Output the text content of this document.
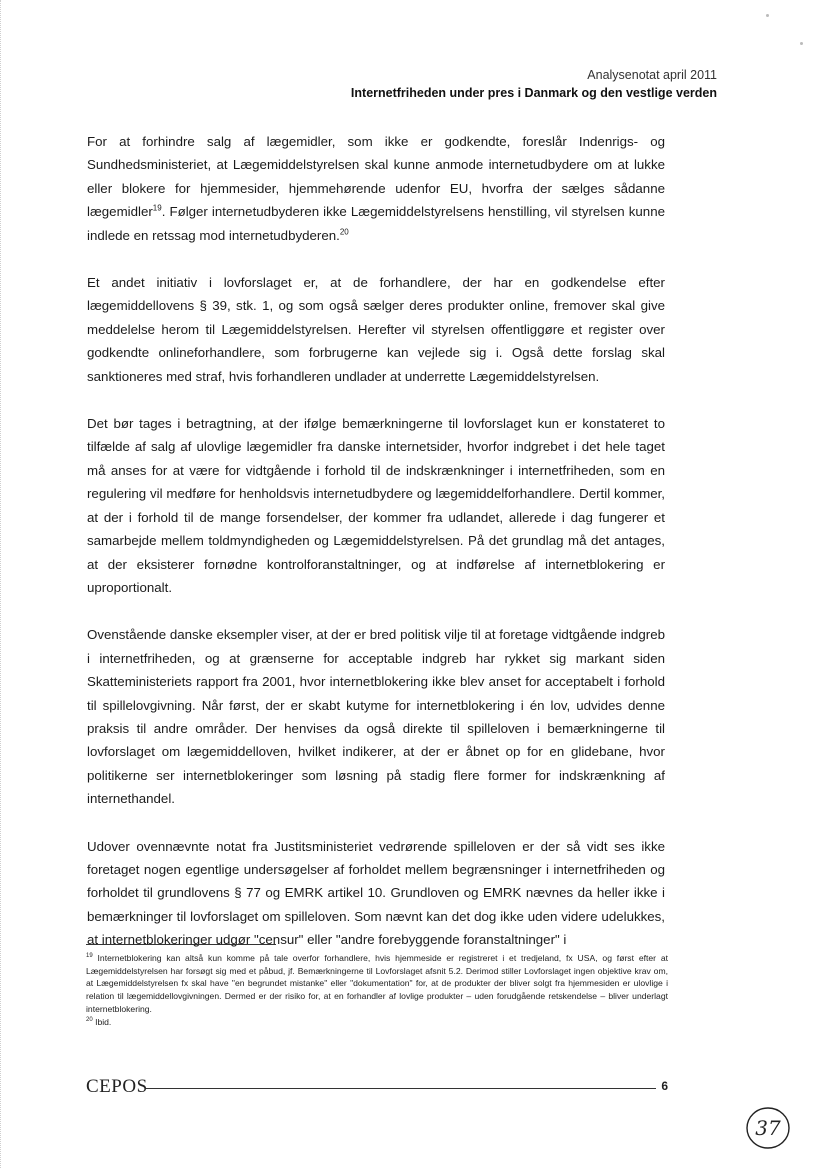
Analysenotat april 2011
Internetfriheden under pres i Danmark og den vestlige verden

For at forhindre salg af lægemidler, som ikke er godkendte, foreslår Indenrigs- og Sundhedsministeriet, at Lægemiddelstyrelsen skal kunne anmode internetudbydere om at lukke eller blokere for hjemmesider, hjemmehørende udenfor EU, hvorfra der sælges sådanne lægemidler$^{19}$. Følger internetudbyderen ikke Lægemiddelstyrelsens henstilling, vil styrelsen kunne indlede en retssag mod internetudbyderen.$^{20}$

Et andet initiativ i lovforslaget er, at de forhandlere, der har en godkendelse efter lægemiddellovens § 39, stk. 1, og som også sælger deres produkter online, fremover skal give meddelelse herom til Lægemiddelstyrelsen. Herefter vil styrelsen offentliggøre et register over godkendte onlineforhandlere, som forbrugerne kan vejlede sig i. Også dette forslag skal sanktioneres med straf, hvis forhandleren undlader at underrette Lægemiddelstyrelsen.

Det bør tages i betragtning, at der ifølge bemærkningerne til lovforslaget kun er konstateret to tilfælde af salg af ulovlige lægemidler fra danske internetsider, hvorfor indgrebet i det hele taget må anses for at være for vidtgående i forhold til de indskrænkninger i internetfriheden, som en regulering vil medføre for henholdsvis internetudbydere og lægemiddelforhandlere. Dertil kommer, at der i forhold til de mange forsendelser, der kommer fra udlandet, allerede i dag fungerer et samarbejde mellem toldmyndigheden og Lægemiddelstyrelsen. På det grundlag må det antages, at der eksisterer fornødne kontrolforanstaltninger, og at indførelse af internetblokering er uproportionalt.

Ovenstående danske eksempler viser, at der er bred politisk vilje til at foretage vidtgående indgreb i internetfriheden, og at grænserne for acceptable indgreb har rykket sig markant siden Skatteministeriets rapport fra 2001, hvor internetblokering ikke blev anset for acceptabelt i forhold til spillelovgivning. Når først, der er skabt kutyme for internetblokering i én lov, udvides denne praksis til andre områder. Der henvises da også direkte til spilleloven i bemærkningerne til lovforslaget om lægemiddelloven, hvilket indikerer, at der er åbnet op for en glidebane, hvor politikerne ser internetblokeringer som løsning på stadig flere former for indskrænkning af internethandel.

Udover ovennævnte notat fra Justitsministeriet vedrørende spilleloven er der så vidt ses ikke foretaget nogen egentlige undersøgelser af forholdet mellem begrænsninger i internetfriheden og forholdet til grundlovens § 77 og EMRK artikel 10. Grundloven og EMRK nævnes da heller ikke i bemærkninger til lovforslaget om spilleloven. Som nævnt kan det dog ikke uden videre udelukkes, at internetblokeringer udgør "censur" eller "andre forebyggende foranstaltninger" i

$^{19}$ Internetblokering kan altså kun komme på tale overfor forhandlere, hvis hjemmeside er registreret i et tredjeland, fx USA, og først efter at Lægemiddelstyrelsen har forsøgt sig med et påbud, jf. Bemærkningerne til Lovforslaget afsnit 5.2. Derimod stiller Lovforslaget ingen objektive krav om, at Lægemiddelstyrelsen fx skal have "en begrundet mistanke" eller "dokumentation" for, at de produkter der bliver solgt fra hjemmesiden er ulovlige i relation til lægemiddellovgivningen. Dermed er der risiko for, at en forhandler af lovlige produkter – uden forudgående retskendelse – bliver underlagt internetblokering.

$^{20}$ Ibid.

CEPOS	6
37
